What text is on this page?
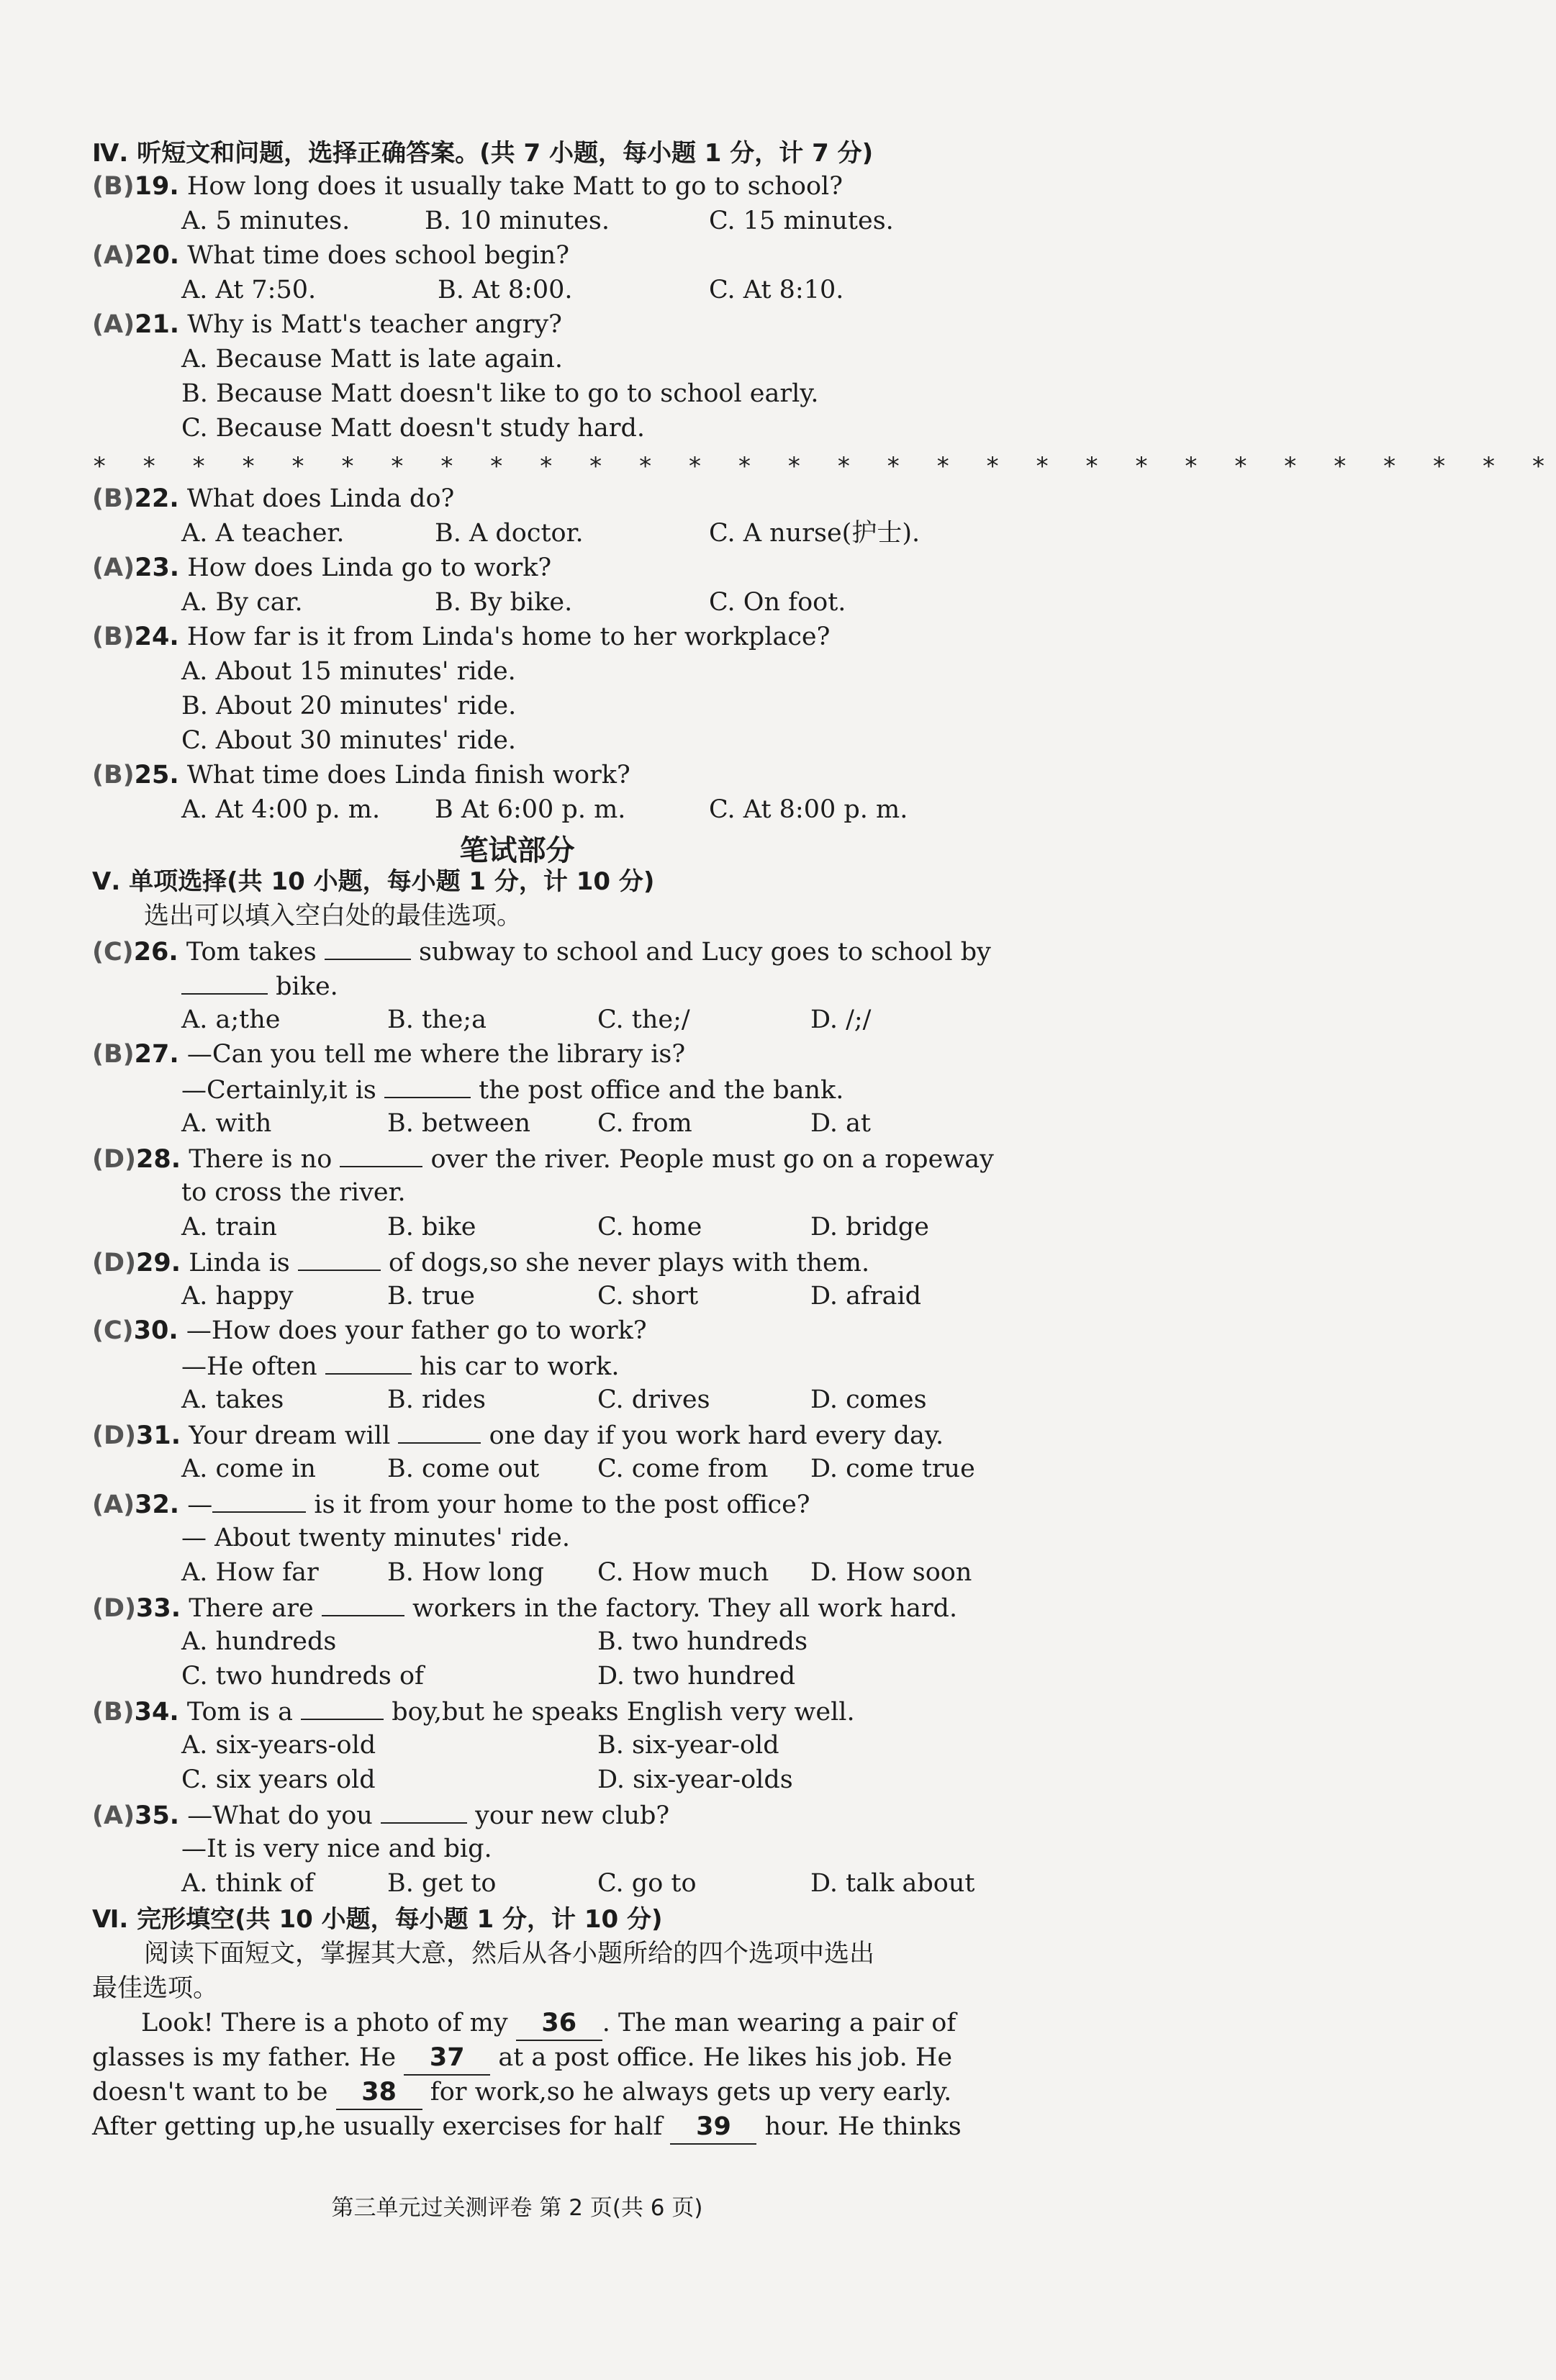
Ⅳ. 听短文和问题，选择正确答案。(共 7 小题，每小题 1 分，计 7 分)
(B)19. How long does it usually take Matt to go to school?
A. 5 minutes.	B. 10 minutes.	C. 15 minutes.
(A)20. What time does school begin?
A. At 7:50.	B. At 8:00.	C. At 8:10.
(A)21. Why is Matt's teacher angry?
A. Because Matt is late again.
B. Because Matt doesn't like to go to school early.
C. Because Matt doesn't study hard.
* * * * * * * * * * * * * * * * * * * * * * * * * * * * * *
(B)22. What does Linda do?
A. A teacher.	B. A doctor.	C. A nurse(护士).
(A)23. How does Linda go to work?
A. By car.	B. By bike.	C. On foot.
(B)24. How far is it from Linda's home to her workplace?
A. About 15 minutes' ride.
B. About 20 minutes' ride.
C. About 30 minutes' ride.
(B)25. What time does Linda finish work?
A. At 4:00 p. m. B At 6:00 p. m.	C. At 8:00 p. m.
笔试部分
Ⅴ. 单项选择(共 10 小题，每小题 1 分，计 10 分)
选出可以填入空白处的最佳选项。
(C)26. Tom takes	subway to school and Lucy goes to school by
bike.
A. a;the	B. the;a	C. the;/	D. /;/
(B)27. —Can you tell me where the library is?
—Certainly,it is	the post office and the bank.
A. with	B. between	C. from	D. at
(D)28. There is no	over the river. People must go on a ropeway
to cross the river.
A. train	B. bike	C. home	D. bridge
(D)29. Linda is	of dogs,so she never plays with them.
A. happy	B. true	C. short	D. afraid
(C)30. —How does your father go to work?
—He often	his car to work.
A. takes	B. rides	C. drives	D. comes
(D)31. Your dream will	one day if you work hard every day.
A. come in	B. come out C. come from D. come true
(A)32. —	is it from your home to the post office?
— About twenty minutes' ride.
A. How far	B. How long C. How much D. How soon
(D)33. There are	workers in the factory. They all work hard.
A. hundreds	B. two hundreds
C. two hundreds of	D. two hundred
(B)34. Tom is a	boy,but he speaks English very well.
A. six-years-old	B. six-year-old
C. six years old	D. six-year-olds
(A)35. —What do you	your new club?
—It is very nice and big.
A. think of	B. get to	C. go to	D. talk about
Ⅵ. 完形填空(共 10 小题，每小题 1 分，计 10 分)
阅读下面短文，掌握其大意，然后从各小题所给的四个选项中选出
最佳选项。
Look! There is a photo of my 36 . The man wearing a pair of
glasses is my father. He 37 at a post office. He likes his job. He
doesn't want to be 38 for work,so he always gets up very early.
After getting up,he usually exercises for half 39 hour. He thinks
第三单元过关测评卷 第 2 页(共 6 页)
